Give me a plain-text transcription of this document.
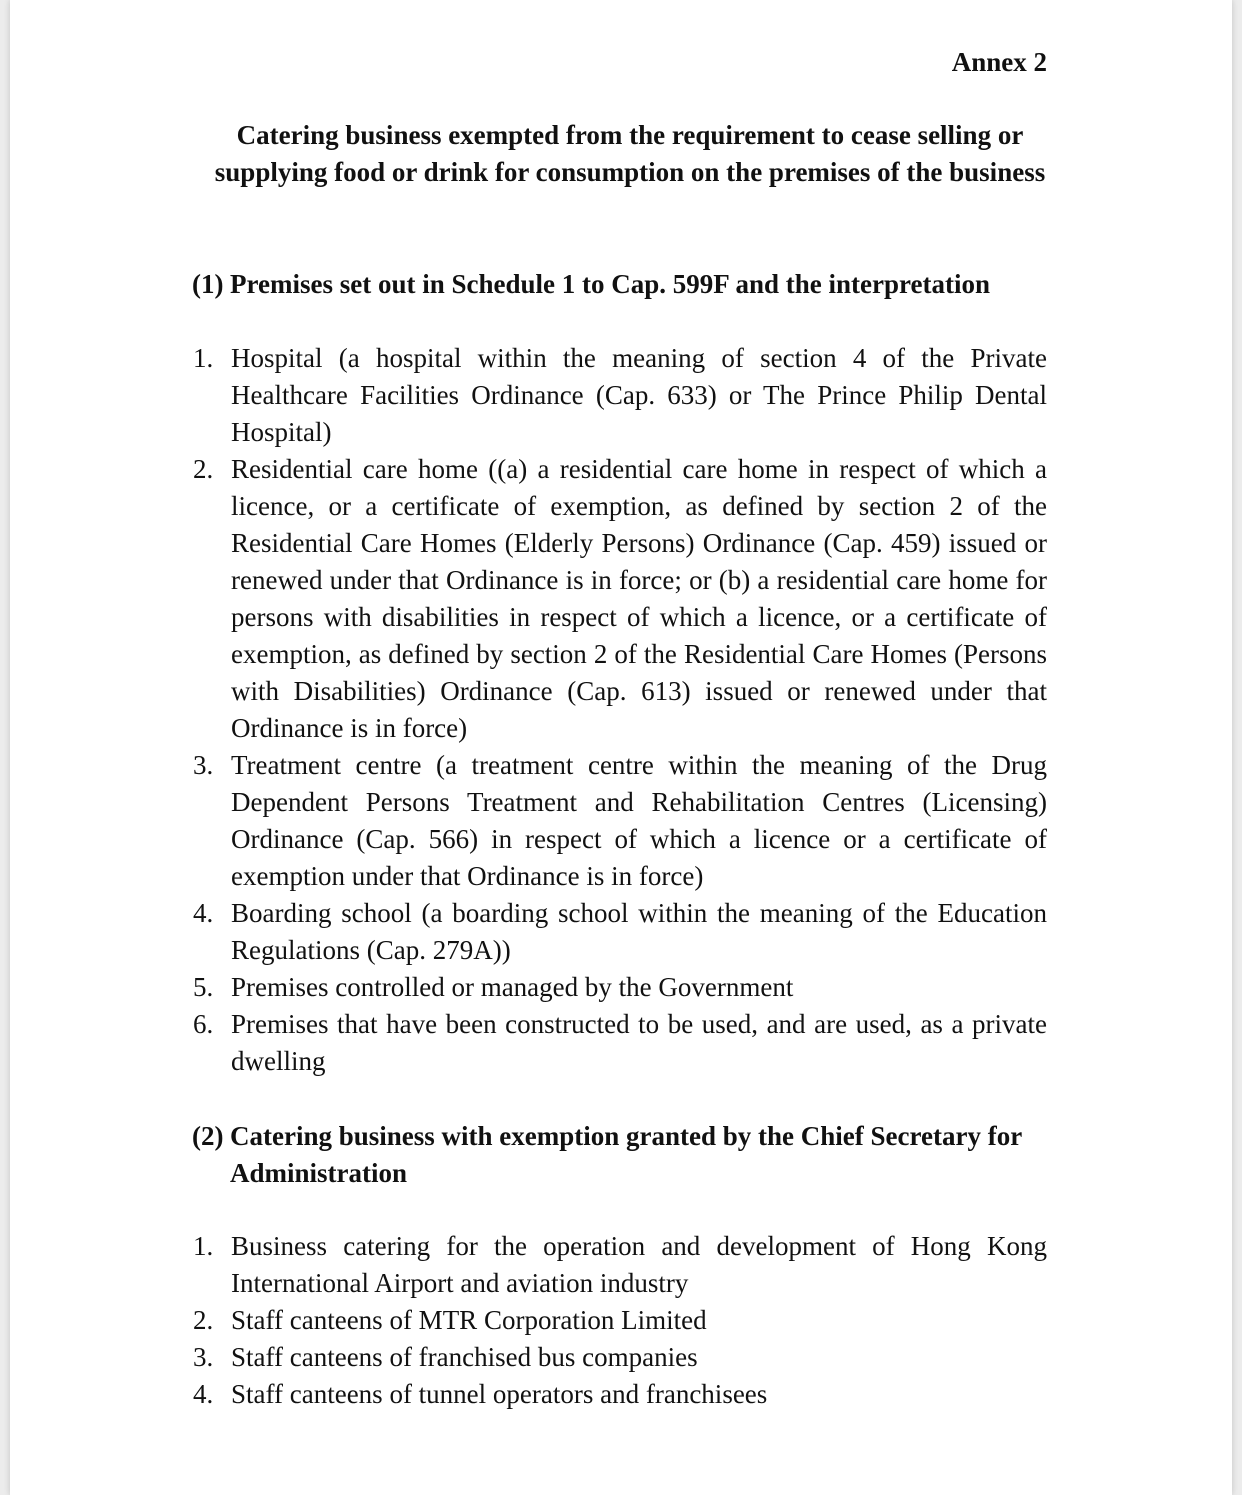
Annex 2
Catering business exempted from the requirement to cease selling or supplying food or drink for consumption on the premises of the business
(1) Premises set out in Schedule 1 to Cap. 599F and the interpretation
1. Hospital (a hospital within the meaning of section 4 of the Private Healthcare Facilities Ordinance (Cap. 633) or The Prince Philip Dental Hospital)
2. Residential care home ((a) a residential care home in respect of which a licence, or a certificate of exemption, as defined by section 2 of the Residential Care Homes (Elderly Persons) Ordinance (Cap. 459) issued or renewed under that Ordinance is in force; or (b) a residential care home for persons with disabilities in respect of which a licence, or a certificate of exemption, as defined by section 2 of the Residential Care Homes (Persons with Disabilities) Ordinance (Cap. 613) issued or renewed under that Ordinance is in force)
3. Treatment centre (a treatment centre within the meaning of the Drug Dependent Persons Treatment and Rehabilitation Centres (Licensing) Ordinance (Cap. 566) in respect of which a licence or a certificate of exemption under that Ordinance is in force)
4. Boarding school (a boarding school within the meaning of the Education Regulations (Cap. 279A))
5. Premises controlled or managed by the Government
6. Premises that have been constructed to be used, and are used, as a private dwelling
(2) Catering business with exemption granted by the Chief Secretary for Administration
1. Business catering for the operation and development of Hong Kong International Airport and aviation industry
2. Staff canteens of MTR Corporation Limited
3. Staff canteens of franchised bus companies
4. Staff canteens of tunnel operators and franchisees
